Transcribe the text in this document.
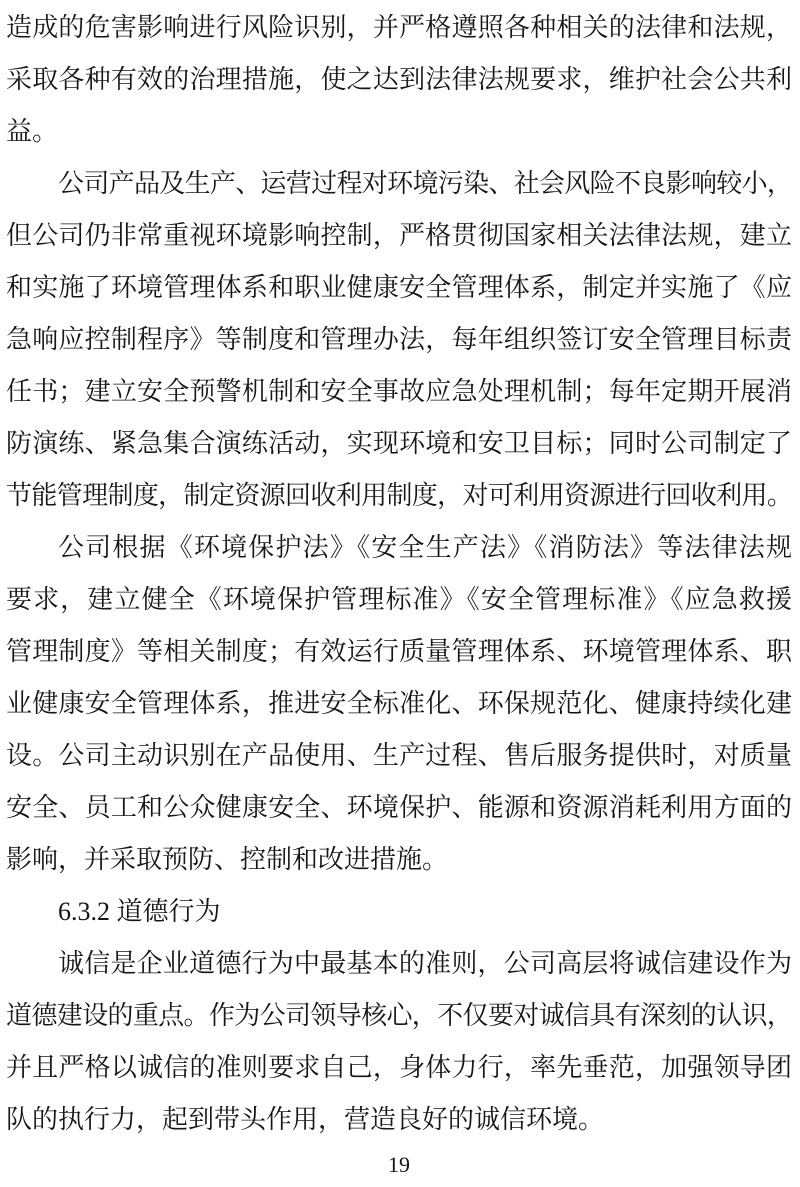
造成的危害影响进行风险识别，并严格遵照各种相关的法律和法规，
采取各种有效的治理措施，使之达到法律法规要求，维护社会公共利
益。
公司产品及生产、运营过程对环境污染、社会风险不良影响较小，
但公司仍非常重视环境影响控制，严格贯彻国家相关法律法规，建立
和实施了环境管理体系和职业健康安全管理体系，制定并实施了《应
急响应控制程序》等制度和管理办法，每年组织签订安全管理目标责
任书；建立安全预警机制和安全事故应急处理机制；每年定期开展消
防演练、紧急集合演练活动，实现环境和安卫目标；同时公司制定了
节能管理制度，制定资源回收利用制度，对可利用资源进行回收利用。
公司根据《环境保护法》《安全生产法》《消防法》等法律法规
要求，建立健全《环境保护管理标准》《安全管理标准》《应急救援
管理制度》等相关制度；有效运行质量管理体系、环境管理体系、职
业健康安全管理体系，推进安全标准化、环保规范化、健康持续化建
设。公司主动识别在产品使用、生产过程、售后服务提供时，对质量
安全、员工和公众健康安全、环境保护、能源和资源消耗利用方面的
影响，并采取预防、控制和改进措施。
6.3.2 道德行为
诚信是企业道德行为中最基本的准则，公司高层将诚信建设作为
道德建设的重点。作为公司领导核心，不仅要对诚信具有深刻的认识，
并且严格以诚信的准则要求自己，身体力行，率先垂范，加强领导团
队的执行力，起到带头作用，营造良好的诚信环境。
19
